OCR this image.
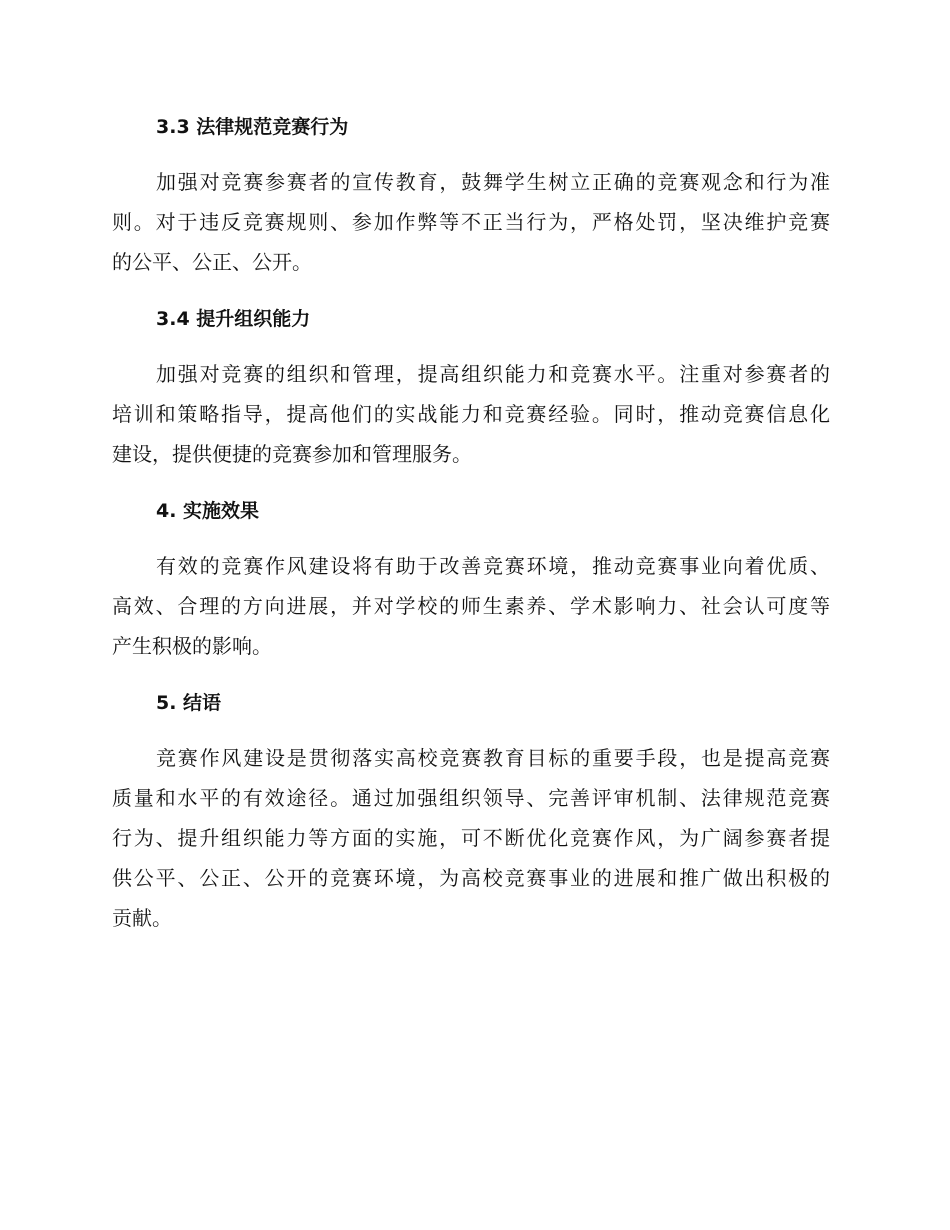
3.3 法律规范竞赛行为
加强对竞赛参赛者的宣传教育，鼓舞学生树立正确的竞赛观念和行为准
则。对于违反竞赛规则、参加作弊等不正当行为，严格处罚，坚决维护竞赛
的公平、公正、公开。
3.4 提升组织能力
加强对竞赛的组织和管理，提高组织能力和竞赛水平。注重对参赛者的
培训和策略指导，提高他们的实战能力和竞赛经验。同时，推动竞赛信息化
建设，提供便捷的竞赛参加和管理服务。
4. 实施效果
有效的竞赛作风建设将有助于改善竞赛环境，推动竞赛事业向着优质、
高效、合理的方向进展，并对学校的师生素养、学术影响力、社会认可度等
产生积极的影响。
5. 结语
竞赛作风建设是贯彻落实高校竞赛教育目标的重要手段，也是提高竞赛
质量和水平的有效途径。通过加强组织领导、完善评审机制、法律规范竞赛
行为、提升组织能力等方面的实施，可不断优化竞赛作风，为广阔参赛者提
供公平、公正、公开的竞赛环境，为高校竞赛事业的进展和推广做出积极的
贡献。
